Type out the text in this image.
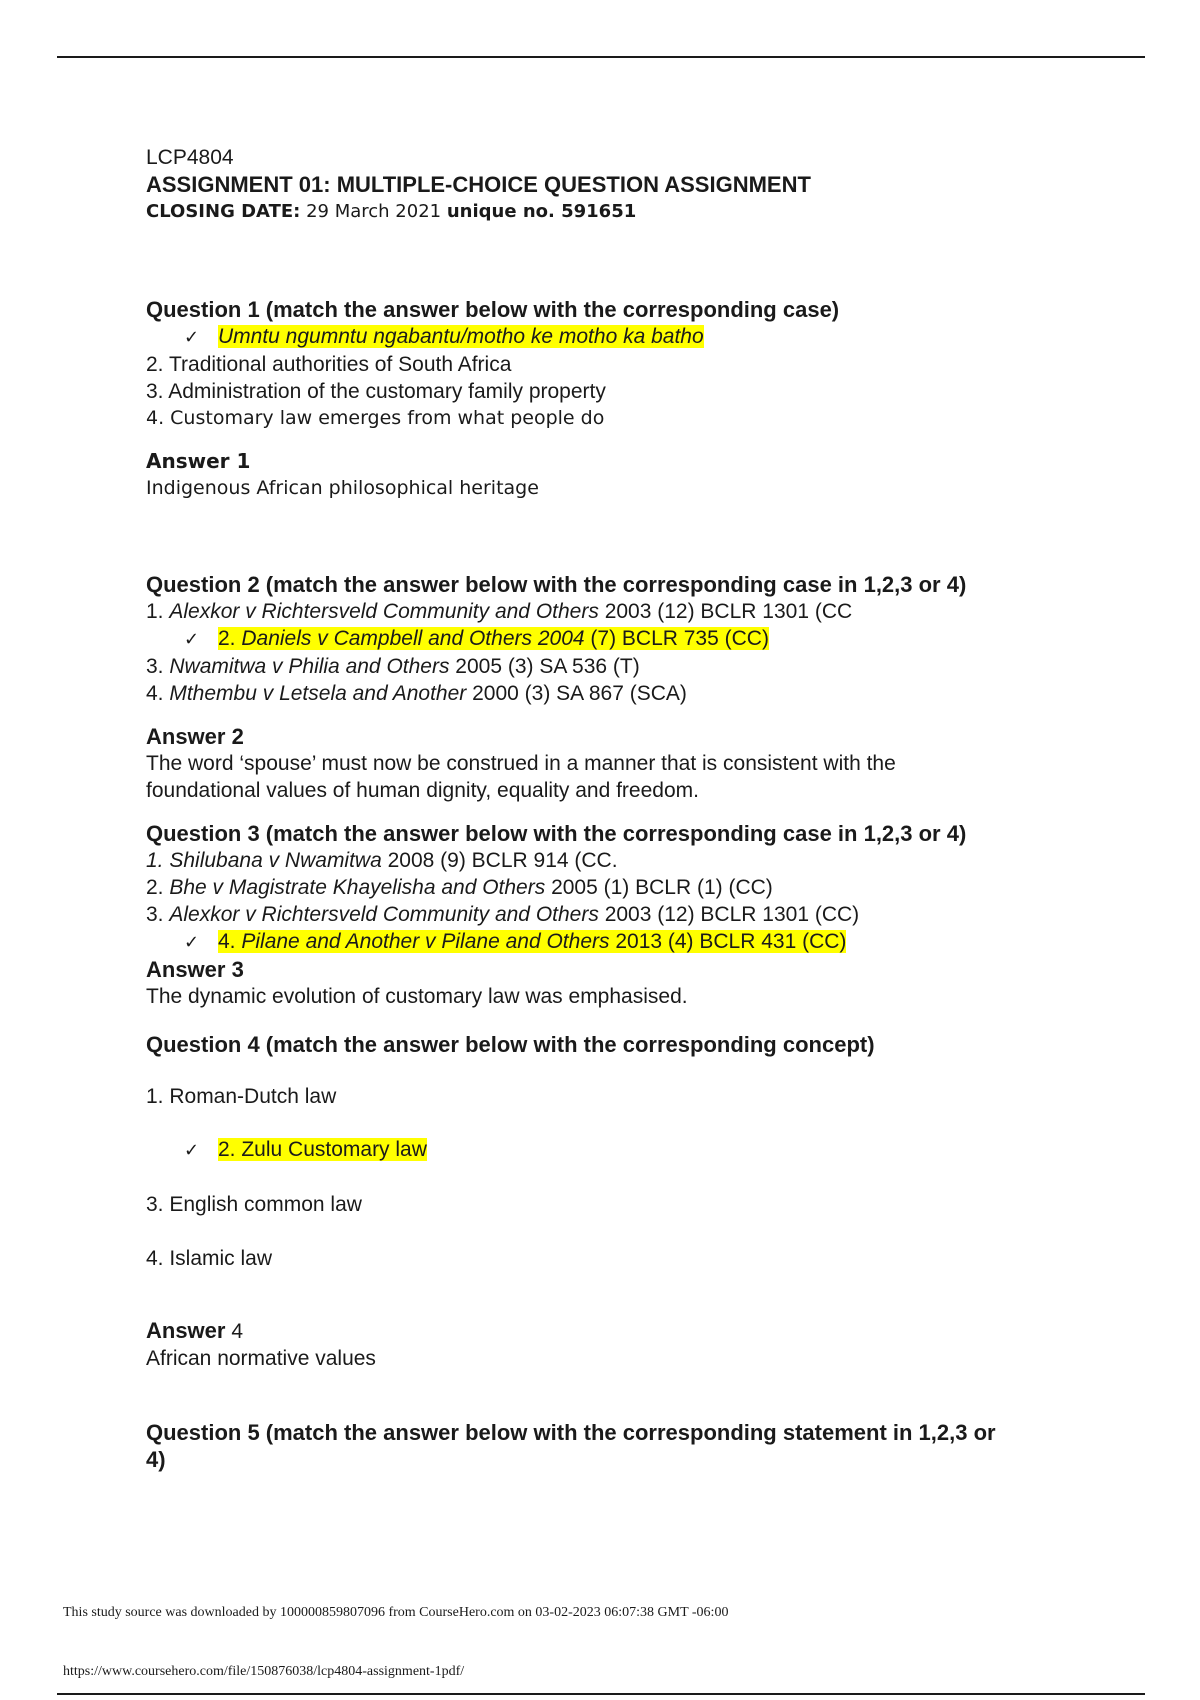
LCP4804
ASSIGNMENT 01: MULTIPLE-CHOICE QUESTION ASSIGNMENT
CLOSING DATE: 29 March 2021 unique no. 591651
Question 1 (match the answer below with the corresponding case)
✓ Umntu ngumntu ngabantu/motho ke motho ka batho
2. Traditional authorities of South Africa
3. Administration of the customary family property
4. Customary law emerges from what people do
Answer 1
Indigenous African philosophical heritage
Question 2 (match the answer below with the corresponding case in 1,2,3 or 4)
1. Alexkor v Richtersveld Community and Others 2003 (12) BCLR 1301 (CC
✓ 2. Daniels v Campbell and Others 2004 (7) BCLR 735 (CC)
3. Nwamitwa v Philia and Others 2005 (3) SA 536 (T)
4. Mthembu v Letsela and Another 2000 (3) SA 867 (SCA)
Answer 2
The word ‘spouse’ must now be construed in a manner that is consistent with the
foundational values of human dignity, equality and freedom.
Question 3 (match the answer below with the corresponding case in 1,2,3 or 4)
1. Shilubana v Nwamitwa 2008 (9) BCLR 914 (CC.
2. Bhe v Magistrate Khayelisha and Others 2005 (1) BCLR (1) (CC)
3. Alexkor v Richtersveld Community and Others 2003 (12) BCLR 1301 (CC)
✓ 4. Pilane and Another v Pilane and Others 2013 (4) BCLR 431 (CC)
Answer 3
The dynamic evolution of customary law was emphasised.
Question 4 (match the answer below with the corresponding concept)
1. Roman-Dutch law
✓ 2. Zulu Customary law
3. English common law
4. Islamic law
Answer 4
African normative values
Question 5 (match the answer below with the corresponding statement in 1,2,3 or
4)
This study source was downloaded by 100000859807096 from CourseHero.com on 03-02-2023 06:07:38 GMT -06:00
https://www.coursehero.com/file/150876038/lcp4804-assignment-1pdf/
